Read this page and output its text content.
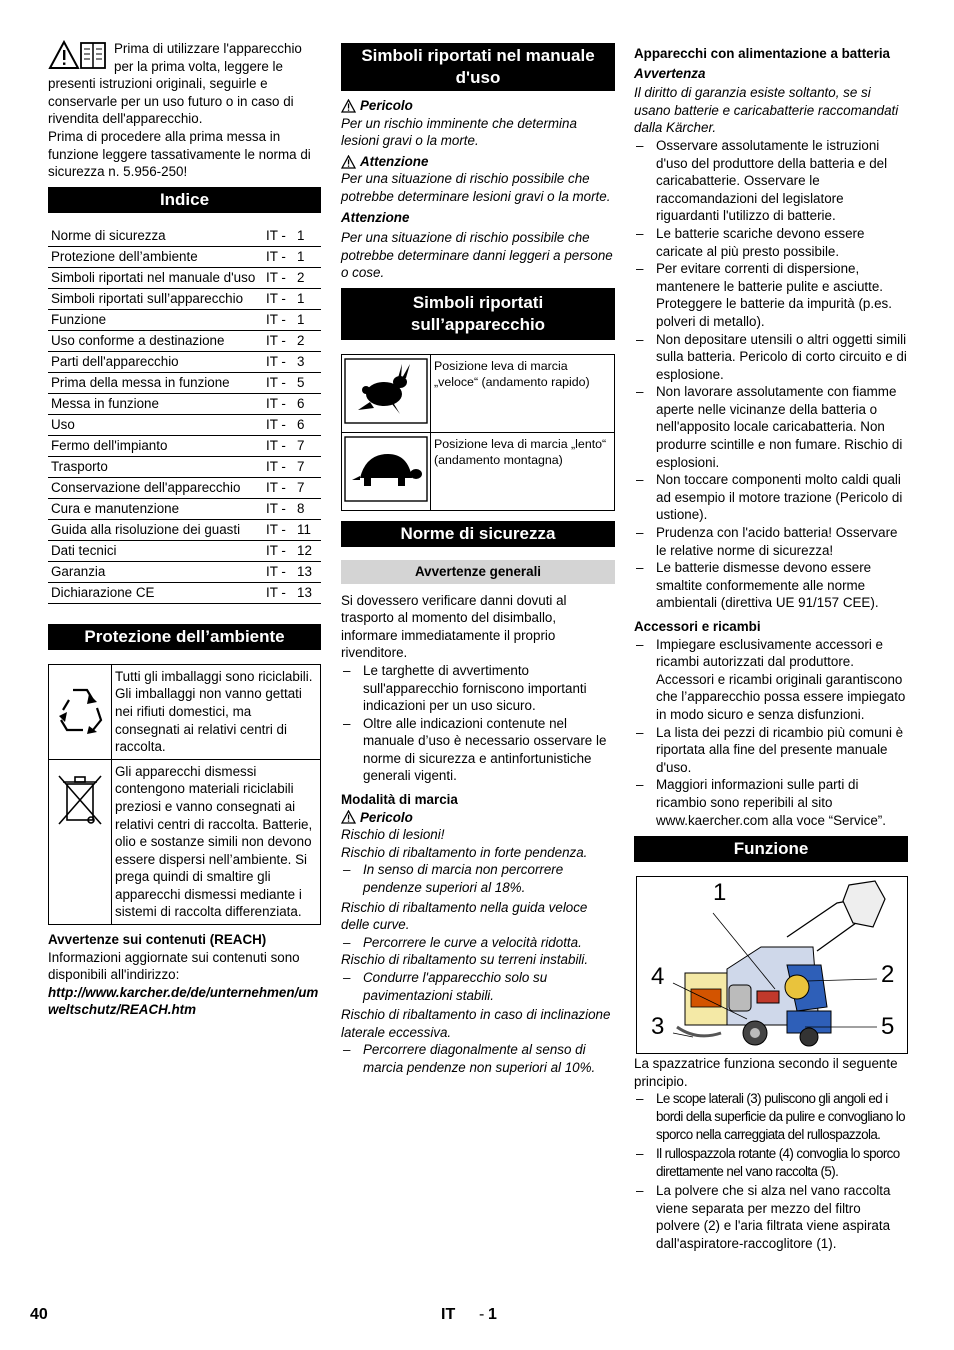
Prima di utilizzare l'apparecchio per la prima volta, leggere le presenti istruzioni originali, seguirle e conservarle per un uso futuro o in caso di rivendita dell'apparecchio.

Prima di procedere alla prima messa in funzione leggere tassativamente le norma di sicurezza n. 5.956-250!

Indice
Norme di sicurezza	IT -   1
Protezione dell’ambiente	IT -   1
Simboli riportati nel manuale d'uso	IT -   2
Simboli riportati sull’apparecchio	IT -   1
Funzione	IT -   1
Uso conforme a destinazione	IT -   2
Parti dell'apparecchio	IT -   3
Prima della messa in funzione	IT -   5
Messa in funzione	IT -   6
Uso	IT -   6
Fermo dell'impianto	IT -   7
Trasporto	IT -   7
Conservazione dell'apparecchio	IT -   7
Cura e manutenzione	IT -   8
Guida alla risoluzione dei guasti	IT -   11
Dati tecnici	IT -   12
Garanzia	IT -   13
Dichiarazione CE	IT -   13
Protezione dell’ambiente
	Tutti gli imballaggi sono riciclabili. Gli imballaggi non vanno gettati nei rifiuti domestici, ma consegnati ai relativi centri di raccolta.
	Gli apparecchi dismessi contengono materiali riciclabili preziosi e vanno consegnati ai relativi centri di raccolta. Batterie, olio e sostanze simili non devono essere dispersi nell’ambiente. Si prega quindi di smaltire gli apparecchi dismessi mediante i sistemi di raccolta differenziata.

Avvertenze sui contenuti (REACH)

Informazioni aggiornate sui contenuti sono disponibili all'indirizzo:

http://www.karcher.de/de/unternehmen/umweltschutz/REACH.htm

Simboli riportati nel manuale d'uso
Pericolo

Per un rischio imminente che determina lesioni gravi o la morte.

Attenzione

Per una situazione di rischio possibile che potrebbe determinare lesioni gravi o la morte.

Attenzione

Per una situazione di rischio possibile che potrebbe determinare danni leggeri a persone o cose.

Simboli riportati sull’apparecchio
	Posizione leva di marcia „veloce“ (andamento rapido)
	Posizione leva di marcia „lento“ (andamento montagna)
Norme di sicurezza
Avvertenze generali

Si dovessero verificare danni dovuti al trasporto al momento del disimballo, informare immediatamente il proprio rivenditore.

– Le targhette di avvertimento sull'apparecchio forniscono importanti indicazioni per un uso sicuro.
– Oltre alle indicazioni contenute nel manuale d’uso è necessario osservare le norme di sicurezza e antinfortunistiche generali vigenti.

Modalità di marcia

Pericolo

Rischio di lesioni!

Rischio di ribaltamento in forte pendenza.

– In senso di marcia non percorrere pendenze superiori al 18%.

Rischio di ribaltamento nella guida veloce delle curve.

– Percorrere le curve a velocità ridotta.

Rischio di ribaltamento su terreni instabili.

– Condurre l'apparecchio solo su pavimentazioni stabili.

Rischio di ribaltamento in caso di inclinazione laterale eccessiva.

– Percorrere diagonalmente al senso di marcia pendenze non superiori al 10%.

Apparecchi con alimentazione a batteria

Avvertenza

Il diritto di garanzia esiste soltanto, se si usano batterie e caricabatterie raccomandati dalla Kärcher.

– Osservare assolutamente le istruzioni d'uso del produttore della batteria e del caricabatterie. Osservare le raccomandazioni del legislatore riguardanti l'utilizzo di batterie.
– Le batterie scariche devono essere caricate al più presto possibile.
– Per evitare correnti di dispersione, mantenere le batterie pulite e asciutte. Proteggere le batterie da impurità (p.es. polveri di metallo).
– Non depositare utensili o altri oggetti simili sulla batteria. Pericolo di corto circuito e di esplosione.
– Non lavorare assolutamente con fiamme aperte nelle vicinanze della batteria o nell'apposito locale caricabatteria. Non produrre scintille e non fumare. Rischio di esplosioni.
– Non toccare componenti molto caldi quali ad esempio il motore trazione (Pericolo di ustione).
– Prudenza con l'acido batteria! Osservare le relative norme di sicurezza!
– Le batterie dismesse devono essere smaltite conformemente alle norme ambientali (direttiva UE 91/157 CEE).

Accessori e ricambi

– Impiegare esclusivamente accessori e ricambi autorizzati dal produttore. Accessori e ricambi originali garantiscono che l’apparecchio possa essere impiegato in modo sicuro e senza disfunzioni.
– La lista dei pezzi di ricambio più comuni è riportata alla fine del presente manuale d'uso.
– Maggiori informazioni sulle parti di ricambio sono reperibili al sito www.kaercher.com alla voce “Service”.
Funzione
1
2
3
4
5

La spazzatrice funziona secondo il seguente principio.

– Le scope laterali (3) puliscono gli angoli ed i bordi della superficie da pulire e convogliano lo sporco nella carreggiata del rullospazzola.
– Il rullospazzola rotante (4) convoglia lo sporco direttamente nel vano raccolta (5).
– La polvere che si alza nel vano raccolta viene separata per mezzo del filtro polvere (2) e l'aria filtrata viene aspirata dall'aspiratore-raccoglitore (1).
40	IT - 1
